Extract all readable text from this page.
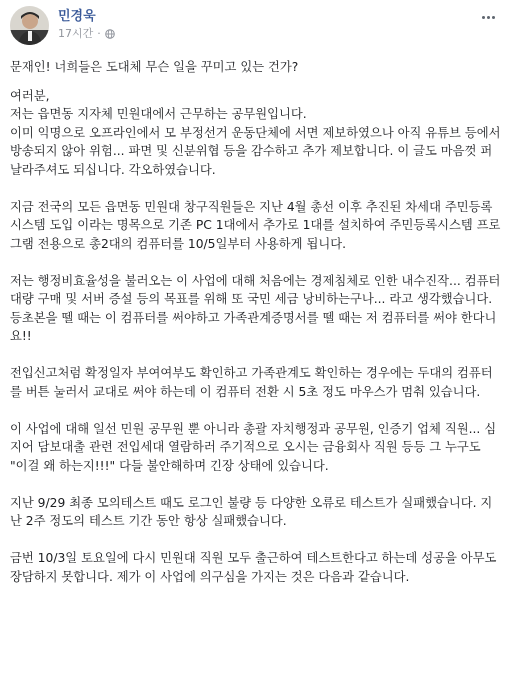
민경욱
17시간 ·

문재인! 너희들은 도대체 무슨 일을 꾸미고 있는 건가?

여러분,
저는 읍면동 지자체 민원대에서 근무하는 공무원입니다.
이미 익명으로 오프라인에서 모 부정선거 운동단체에 서면 제보하였으나 아직 유튜브 등에서 방송되지 않아 위험... 파면 및 신분위협 등을 감수하고 추가 제보합니다. 이 글도 마음껏 퍼날라주셔도 되십니다. 각오하였습니다.

지금 전국의 모든 읍면동 민원대 창구직원들은 지난 4월 총선 이후 추진된 차세대 주민등록시스템 도입 이라는 명목으로 기존 PC 1대에서 추가로 1대를 설치하여 주민등록시스템 프로그램 전용으로 총2대의 컴퓨터를 10/5일부터 사용하게 됩니다.

저는 행정비효율성을 불러오는 이 사업에 대해 처음에는 경제침체로 인한 내수진작... 컴퓨터 대량 구매 및 서버 증설 등의 목표를 위해 또 국민 세금 낭비하는구나... 라고 생각했습니다. 등초본을 뗄 때는 이 컴퓨터를 써야하고 가족관계증명서를 뗄 때는 저 컴퓨터를 써야 한다니요!!

전입신고처럼 확정일자 부여여부도 확인하고 가족관계도 확인하는 경우에는 두대의 컴퓨터를 버튼 눌러서 교대로 써야 하는데 이 컴퓨터 전환 시 5초 정도 마우스가 멈춰 있습니다.

이 사업에 대해 일선 민원 공무원 뿐 아니라 총괄 자치행정과 공무원, 인증기 업체 직원... 심지어 담보대출 관련 전입세대 열람하러 주기적으로 오시는 금융회사 직원 등등 그 누구도 "이걸 왜 하는지!!!" 다들 불안해하며 긴장 상태에 있습니다.

지난 9/29 최종 모의테스트 때도 로그인 불량 등 다양한 오류로 테스트가 실패했습니다. 지난 2주 정도의 테스트 기간 동안 항상 실패했습니다.

금번 10/3일 토요일에 다시 민원대 직원 모두 출근하여 테스트한다고 하는데 성공을 아무도 장담하지 못합니다. 제가 이 사업에 의구심을 가지는 것은 다음과 같습니다.
